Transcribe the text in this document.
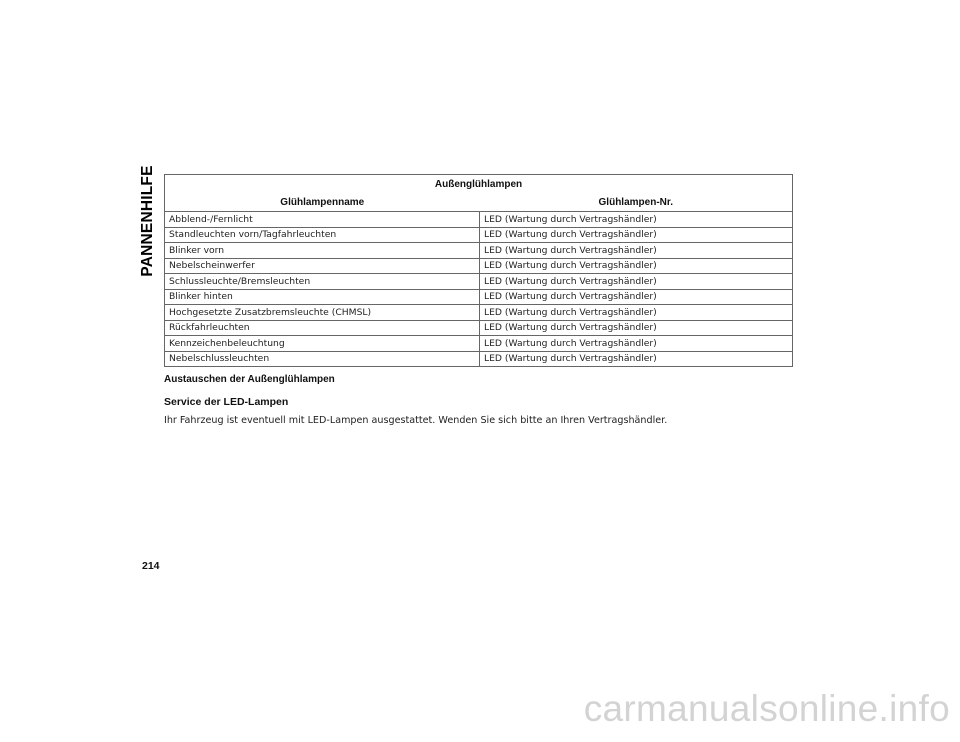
PANNENHILFE	Außenglühlampen	
Glühlampenname	Glühlampen-Nr.
Abblend-/Fernlicht	LED (Wartung durch Vertragshändler)
Standleuchten vorn/Tagfahrleuchten	LED (Wartung durch Vertragshändler)
Blinker vorn	LED (Wartung durch Vertragshändler)
Nebelscheinwerfer	LED (Wartung durch Vertragshändler)
Schlussleuchte/Bremsleuchten	LED (Wartung durch Vertragshändler)
Blinker hinten	LED (Wartung durch Vertragshändler)
Hochgesetzte Zusatzbremsleuchte (CHMSL)	LED (Wartung durch Vertragshändler)
Rückfahrleuchten	LED (Wartung durch Vertragshändler)
Kennzeichenbeleuchtung	LED (Wartung durch Vertragshändler)
Nebelschlussleuchten	LED (Wartung durch Vertragshändler)
Austauschen der Außenglühlampen
Service der LED-Lampen
Ihr Fahrzeug ist eventuell mit LED-Lampen ausgestattet. Wenden Sie sich bitte an Ihren Vertragshändler.
214
carmanualsonline.info
